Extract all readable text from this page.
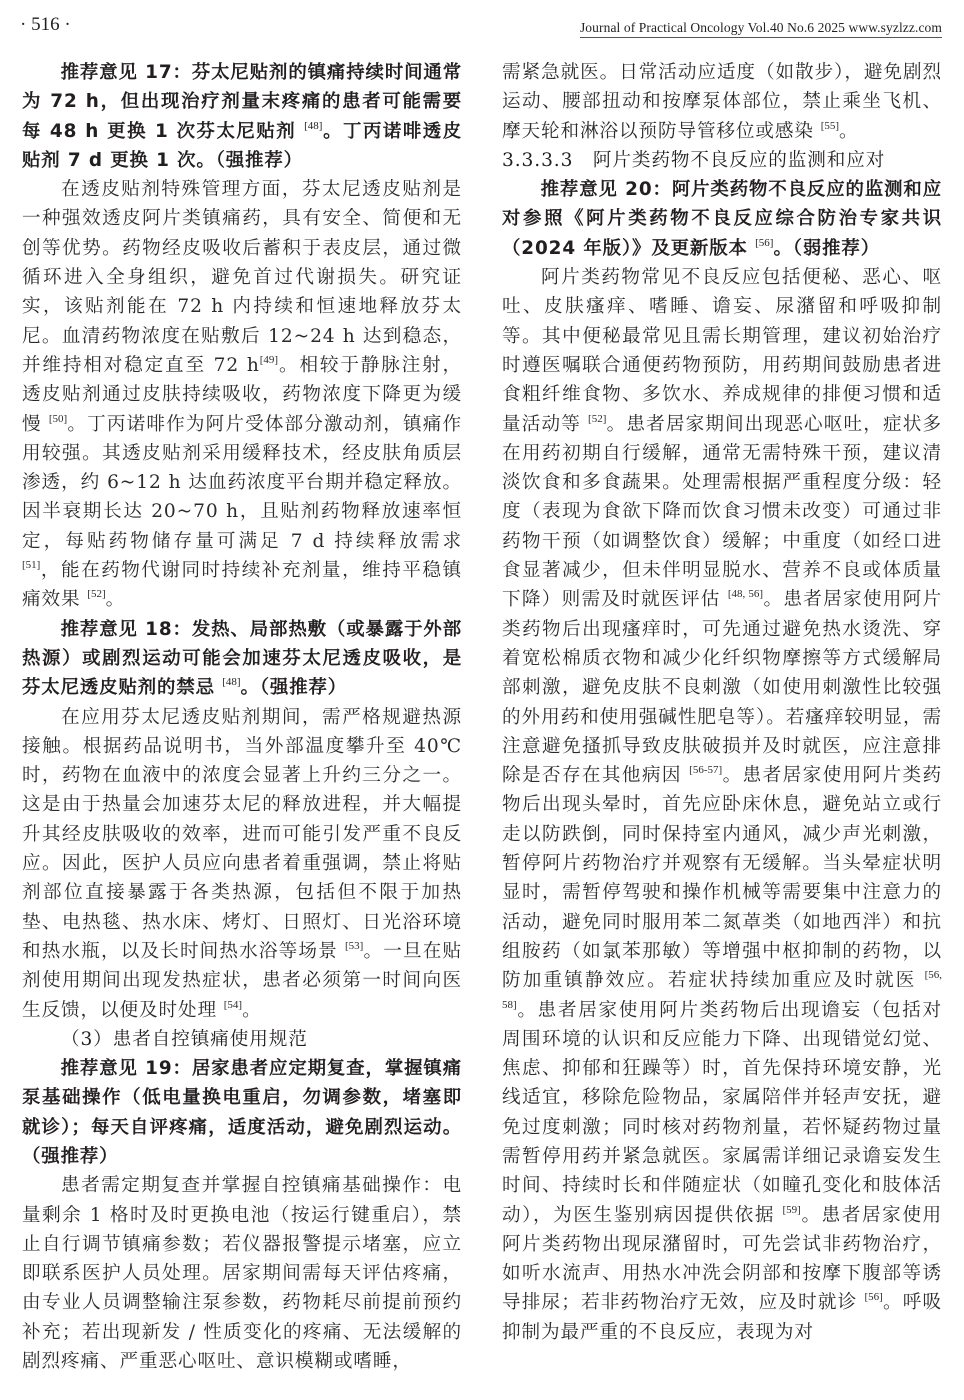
· 516 ·	Journal of Practical Oncology Vol.40 No.6 2025 www.syzlzz.com

推荐意见 17：芬太尼贴剂的镇痛持续时间通常为 72 h，但出现治疗剂量末疼痛的患者可能需要每 48 h 更换 1 次芬太尼贴剂 [48]。丁丙诺啡透皮贴剂 7 d 更换 1 次。（强推荐）

在透皮贴剂特殊管理方面，芬太尼透皮贴剂是一种强效透皮阿片类镇痛药，具有安全、简便和无创等优势。药物经皮吸收后蓄积于表皮层，通过微循环进入全身组织，避免首过代谢损失。研究证实，该贴剂能在 72 h 内持续和恒速地释放芬太尼。血清药物浓度在贴敷后 12~24 h 达到稳态，并维持相对稳定直至 72 h[49]。相较于静脉注射，透皮贴剂通过皮肤持续吸收，药物浓度下降更为缓慢 [50]。丁丙诺啡作为阿片受体部分激动剂，镇痛作用较强。其透皮贴剂采用缓释技术，经皮肤角质层渗透，约 6~12 h 达血药浓度平台期并稳定释放。因半衰期长达 20~70 h，且贴剂药物释放速率恒定，每贴药物储存量可满足 7 d 持续释放需求 [51]，能在药物代谢同时持续补充剂量，维持平稳镇痛效果 [52]。

推荐意见 18：发热、局部热敷（或暴露于外部热源）或剧烈运动可能会加速芬太尼透皮吸收，是芬太尼透皮贴剂的禁忌 [48]。（强推荐）

在应用芬太尼透皮贴剂期间，需严格规避热源接触。根据药品说明书，当外部温度攀升至 40℃时，药物在血液中的浓度会显著上升约三分之一。这是由于热量会加速芬太尼的释放进程，并大幅提升其经皮肤吸收的效率，进而可能引发严重不良反应。因此，医护人员应向患者着重强调，禁止将贴剂部位直接暴露于各类热源，包括但不限于加热垫、电热毯、热水床、烤灯、日照灯、日光浴环境和热水瓶，以及长时间热水浴等场景 [53]。一旦在贴剂使用期间出现发热症状，患者必须第一时间向医生反馈，以便及时处理 [54]。

（3）患者自控镇痛使用规范

推荐意见 19：居家患者应定期复查，掌握镇痛泵基础操作（低电量换电重启，勿调参数，堵塞即就诊）；每天自评疼痛，适度活动，避免剧烈运动。（强推荐）

患者需定期复查并掌握自控镇痛基础操作：电量剩余 1 格时及时更换电池（按运行键重启），禁止自行调节镇痛参数；若仪器报警提示堵塞，应立即联系医护人员处理。居家期间需每天评估疼痛，由专业人员调整输注泵参数，药物耗尽前提前预约补充；若出现新发 / 性质变化的疼痛、无法缓解的剧烈疼痛、严重恶心呕吐、意识模糊或嗜睡，

需紧急就医。日常活动应适度（如散步），避免剧烈运动、腰部扭动和按摩泵体部位，禁止乘坐飞机、摩天轮和淋浴以预防导管移位或感染 [55]。

3.3.3.3　阿片类药物不良反应的监测和应对

推荐意见 20：阿片类药物不良反应的监测和应对参照《阿片类药物不良反应综合防治专家共识（2024 年版）》及更新版本 [56]。（弱推荐）

阿片类药物常见不良反应包括便秘、恶心、呕吐、皮肤瘙痒、嗜睡、谵妄、尿潴留和呼吸抑制等。其中便秘最常见且需长期管理，建议初始治疗时遵医嘱联合通便药物预防，用药期间鼓励患者进食粗纤维食物、多饮水、养成规律的排便习惯和适量活动等 [52]。患者居家期间出现恶心呕吐，症状多在用药初期自行缓解，通常无需特殊干预，建议清淡饮食和多食蔬果。处理需根据严重程度分级：轻度（表现为食欲下降而饮食习惯未改变）可通过非药物干预（如调整饮食）缓解；中重度（如经口进食显著减少，但未伴明显脱水、营养不良或体质量下降）则需及时就医评估 [48, 56]。患者居家使用阿片类药物后出现瘙痒时，可先通过避免热水烫洗、穿着宽松棉质衣物和减少化纤织物摩擦等方式缓解局部刺激，避免皮肤不良刺激（如使用刺激性比较强的外用药和使用强碱性肥皂等）。若瘙痒较明显，需注意避免搔抓导致皮肤破损并及时就医，应注意排除是否存在其他病因 [56-57]。患者居家使用阿片类药物后出现头晕时，首先应卧床休息，避免站立或行走以防跌倒，同时保持室内通风，减少声光刺激，暂停阿片药物治疗并观察有无缓解。当头晕症状明显时，需暂停驾驶和操作机械等需要集中注意力的活动，避免同时服用苯二氮䓬类（如地西泮）和抗组胺药（如氯苯那敏）等增强中枢抑制的药物，以防加重镇静效应。若症状持续加重应及时就医 [56, 58]。患者居家使用阿片类药物后出现谵妄（包括对周围环境的认识和反应能力下降、出现错觉幻觉、焦虑、抑郁和狂躁等）时，首先保持环境安静，光线适宜，移除危险物品，家属陪伴并轻声安抚，避免过度刺激；同时核对药物剂量，若怀疑药物过量需暂停用药并紧急就医。家属需详细记录谵妄发生时间、持续时长和伴随症状（如瞳孔变化和肢体活动），为医生鉴别病因提供依据 [59]。患者居家使用阿片类药物出现尿潴留时，可先尝试非药物治疗，如听水流声、用热水冲洗会阴部和按摩下腹部等诱导排尿；若非药物治疗无效，应及时就诊 [56]。呼吸抑制为最严重的不良反应，表现为对
